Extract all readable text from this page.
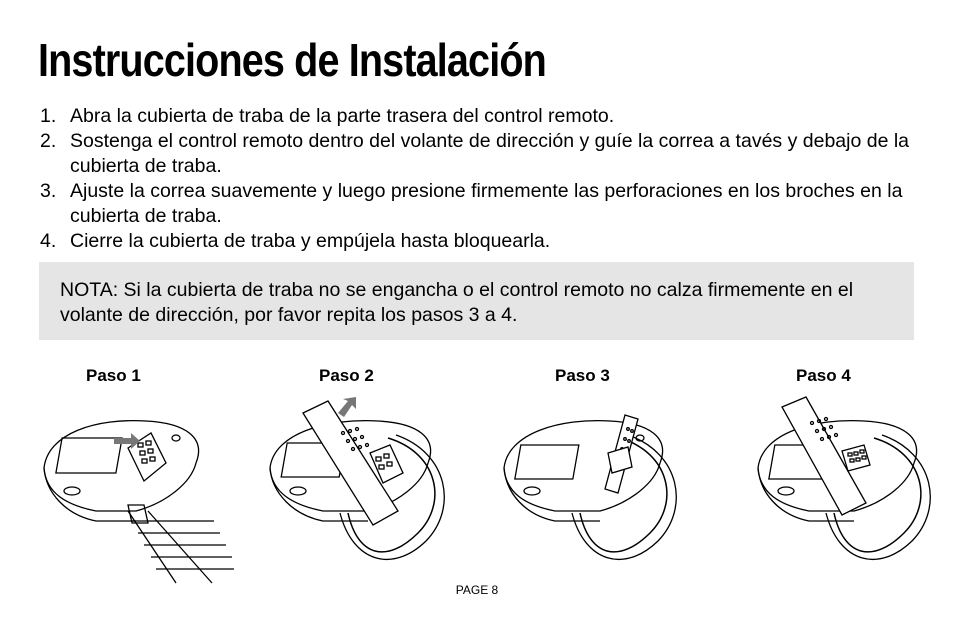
Instrucciones de Instalación
1. Abra la cubierta de traba de la parte trasera del control remoto.
2. Sostenga el control remoto dentro del volante de dirección y guíe la correa a tavés y debajo de la cubierta de traba.
3. Ajuste la correa suavemente y luego presione firmemente las perforaciones en los broches en la cubierta de traba.
4. Cierre la cubierta de traba y empújela hasta bloquearla.
NOTA: Si la cubierta de traba no se engancha o el control remoto no calza firmemente en el volante de dirección, por favor repita los pasos 3 a 4.
Paso 1	Paso 2	Paso 3	Paso 4
PAGE 8
